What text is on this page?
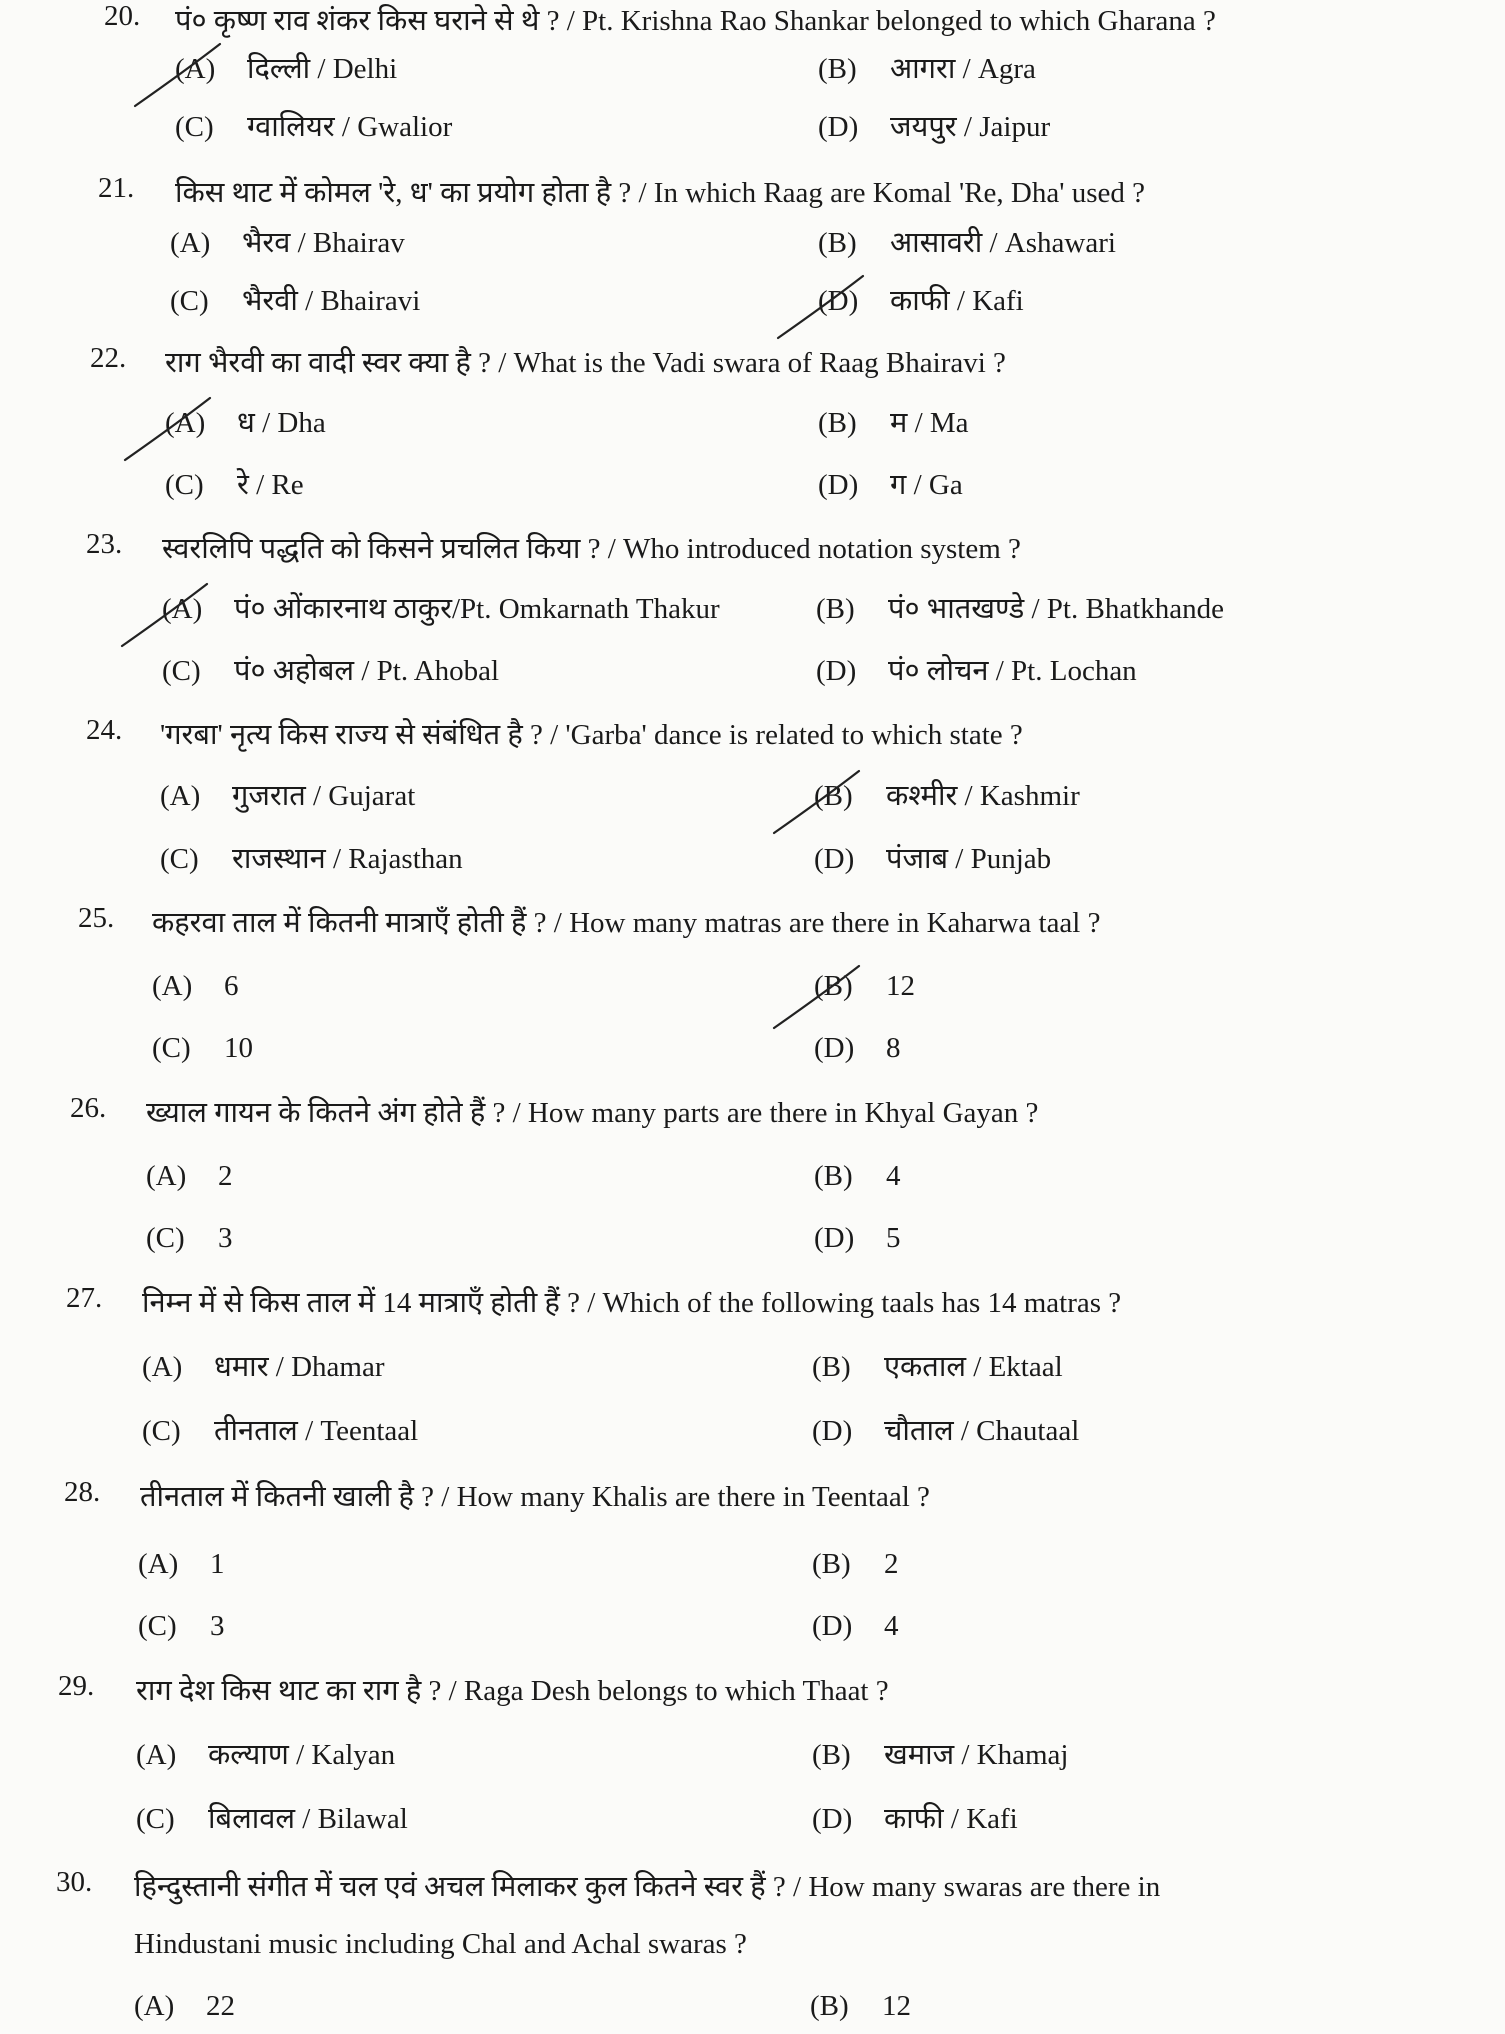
20. पं० कृष्ण राव शंकर किस घराने से थे ? / Pt. Krishna Rao Shankar belonged to which Gharana ?
(A) दिल्ली / Delhi	(B) आगरा / Agra
(C) ग्वालियर / Gwalior	(D) जयपुर / Jaipur
21. किस थाट में कोमल 'रे, ध' का प्रयोग होता है ? / In which Raag are Komal 'Re, Dha' used ?
(A) भैरव / Bhairav	(B) आसावरी / Ashawari
(C) भैरवी / Bhairavi	(D) काफी / Kafi
22. राग भैरवी का वादी स्वर क्या है ? / What is the Vadi swara of Raag Bhairavi ?
(A) ध / Dha	(B) म / Ma
(C) रे / Re	(D) ग / Ga
23. स्वरलिपि पद्धति को किसने प्रचलित किया ? / Who introduced notation system ?
(A) पं० ओंकारनाथ ठाकुर/Pt. Omkarnath Thakur	(B) पं० भातखण्डे / Pt. Bhatkhande
(C) पं० अहोबल / Pt. Ahobal	(D) पं० लोचन / Pt. Lochan
24. 'गरबा' नृत्य किस राज्य से संबंधित है ? / 'Garba' dance is related to which state ?
(A) गुजरात / Gujarat	(B) कश्मीर / Kashmir
(C) राजस्थान / Rajasthan	(D) पंजाब / Punjab
25. कहरवा ताल में कितनी मात्राएँ होती हैं ? / How many matras are there in Kaharwa taal ?
(A) 6	(B) 12
(C) 10	(D) 8
26. ख्याल गायन के कितने अंग होते हैं ? / How many parts are there in Khyal Gayan ?
(A) 2	(B) 4
(C) 3	(D) 5
27. निम्न में से किस ताल में 14 मात्राएँ होती हैं ? / Which of the following taals has 14 matras ?
(A) धमार / Dhamar	(B) एकताल / Ektaal
(C) तीनताल / Teentaal	(D) चौताल / Chautaal
28. तीनताल में कितनी खाली है ? / How many Khalis are there in Teentaal ?
(A) 1	(B) 2
(C) 3	(D) 4
29. राग देश किस थाट का राग है ? / Raga Desh belongs to which Thaat ?
(A) कल्याण / Kalyan	(B) खमाज / Khamaj
(C) बिलावल / Bilawal	(D) काफी / Kafi
30. हिन्दुस्तानी संगीत में चल एवं अचल मिलाकर कुल कितने स्वर हैं ? / How many swaras are there in
Hindustani music including Chal and Achal swaras ?
(A) 22	(B) 12
